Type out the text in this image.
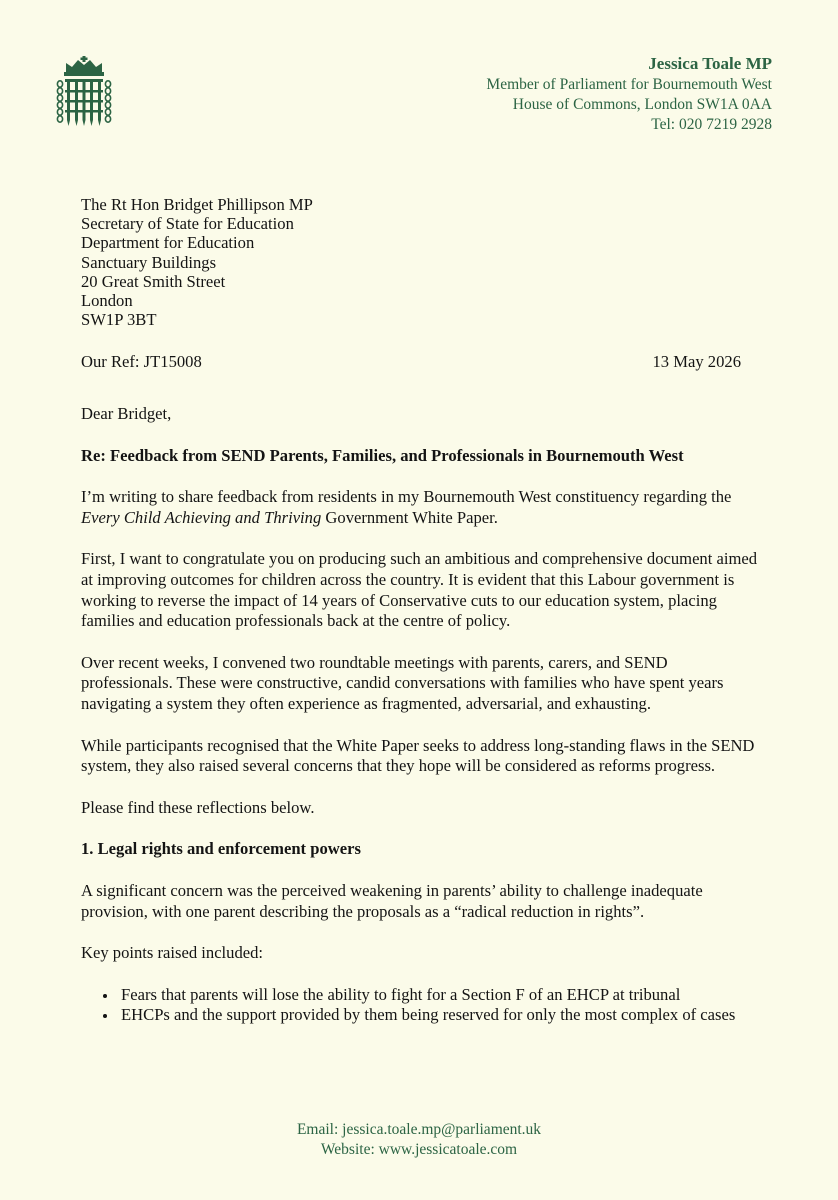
Jessica Toale MP
Member of Parliament for Bournemouth West
House of Commons, London SW1A 0AA
Tel: 020 7219 2928
The Rt Hon Bridget Phillipson MP
Secretary of State for Education
Department for Education
Sanctuary Buildings
20 Great Smith Street
London
SW1P 3BT
Our Ref: JT15008	13 May 2026

Dear Bridget,

Re: Feedback from SEND Parents, Families, and Professionals in Bournemouth West

I’m writing to share feedback from residents in my Bournemouth West constituency regarding the Every Child Achieving and Thriving Government White Paper.

First, I want to congratulate you on producing such an ambitious and comprehensive document aimed at improving outcomes for children across the country. It is evident that this Labour government is working to reverse the impact of 14 years of Conservative cuts to our education system, placing families and education professionals back at the centre of policy.

Over recent weeks, I convened two roundtable meetings with parents, carers, and SEND professionals. These were constructive, candid conversations with families who have spent years navigating a system they often experience as fragmented, adversarial, and exhausting.

While participants recognised that the White Paper seeks to address long-standing flaws in the SEND system, they also raised several concerns that they hope will be considered as reforms progress.

Please find these reflections below.

1. Legal rights and enforcement powers

A significant concern was the perceived weakening in parents’ ability to challenge inadequate provision, with one parent describing the proposals as a “radical reduction in rights”.

Key points raised included:

• Fears that parents will lose the ability to fight for a Section F of an EHCP at tribunal
• EHCPs and the support provided by them being reserved for only the most complex of cases
Email: jessica.toale.mp@parliament.uk
Website: www.jessicatoale.com
